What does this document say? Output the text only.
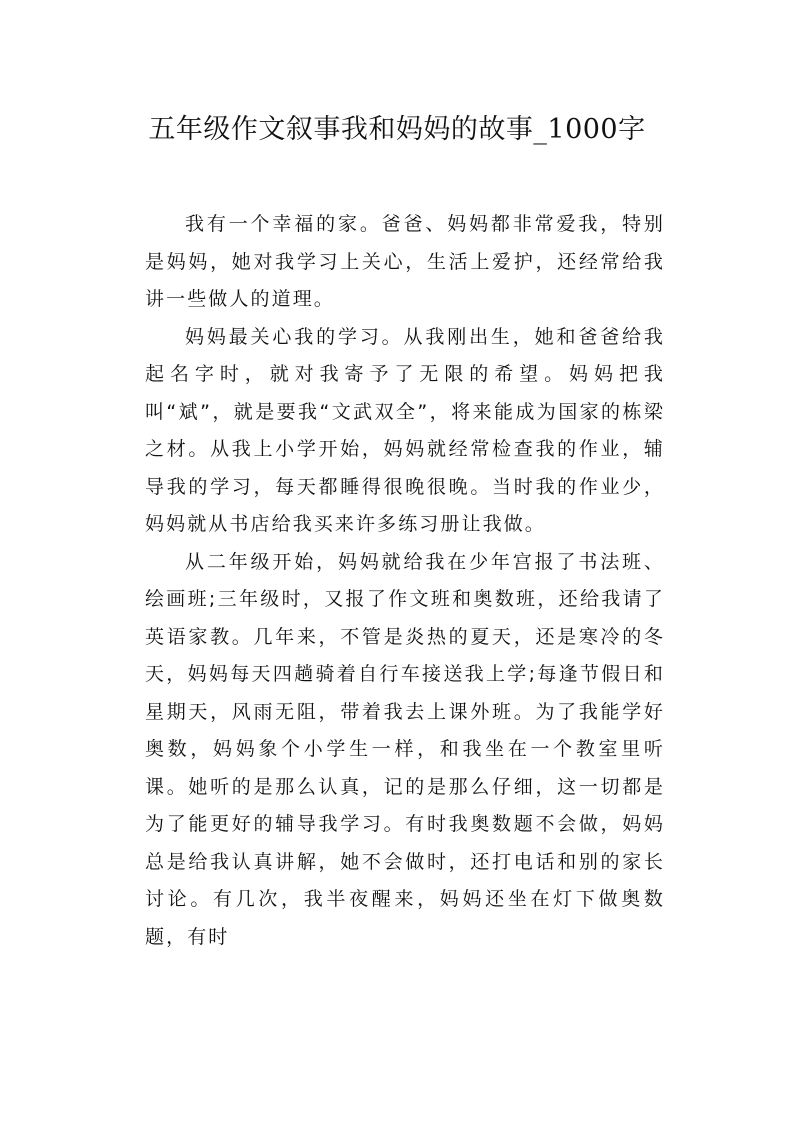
五年级作文叙事我和妈妈的故事_1000字

我有一个幸福的家。爸爸、妈妈都非常爱我，特别是妈妈，她对我学习上关心，生活上爱护，还经常给我讲一些做人的道理。

妈妈最关心我的学习。从我刚出生，她和爸爸给我起名字时，就对我寄予了无限的希望。妈妈把我叫“斌”，就是要我“文武双全”，将来能成为国家的栋梁之材。从我上小学开始，妈妈就经常检查我的作业，辅导我的学习，每天都睡得很晚很晚。当时我的作业少，妈妈就从书店给我买来许多练习册让我做。

从二年级开始，妈妈就给我在少年宫报了书法班、绘画班;三年级时，又报了作文班和奥数班，还给我请了英语家教。几年来，不管是炎热的夏天，还是寒冷的冬天，妈妈每天四趟骑着自行车接送我上学;每逢节假日和星期天，风雨无阻，带着我去上课外班。为了我能学好奥数，妈妈象个小学生一样，和我坐在一个教室里听课。她听的是那么认真，记的是那么仔细，这一切都是为了能更好的辅导我学习。有时我奥数题不会做，妈妈总是给我认真讲解，她不会做时，还打电话和别的家长讨论。有几次，我半夜醒来，妈妈还坐在灯下做奥数题，有时
